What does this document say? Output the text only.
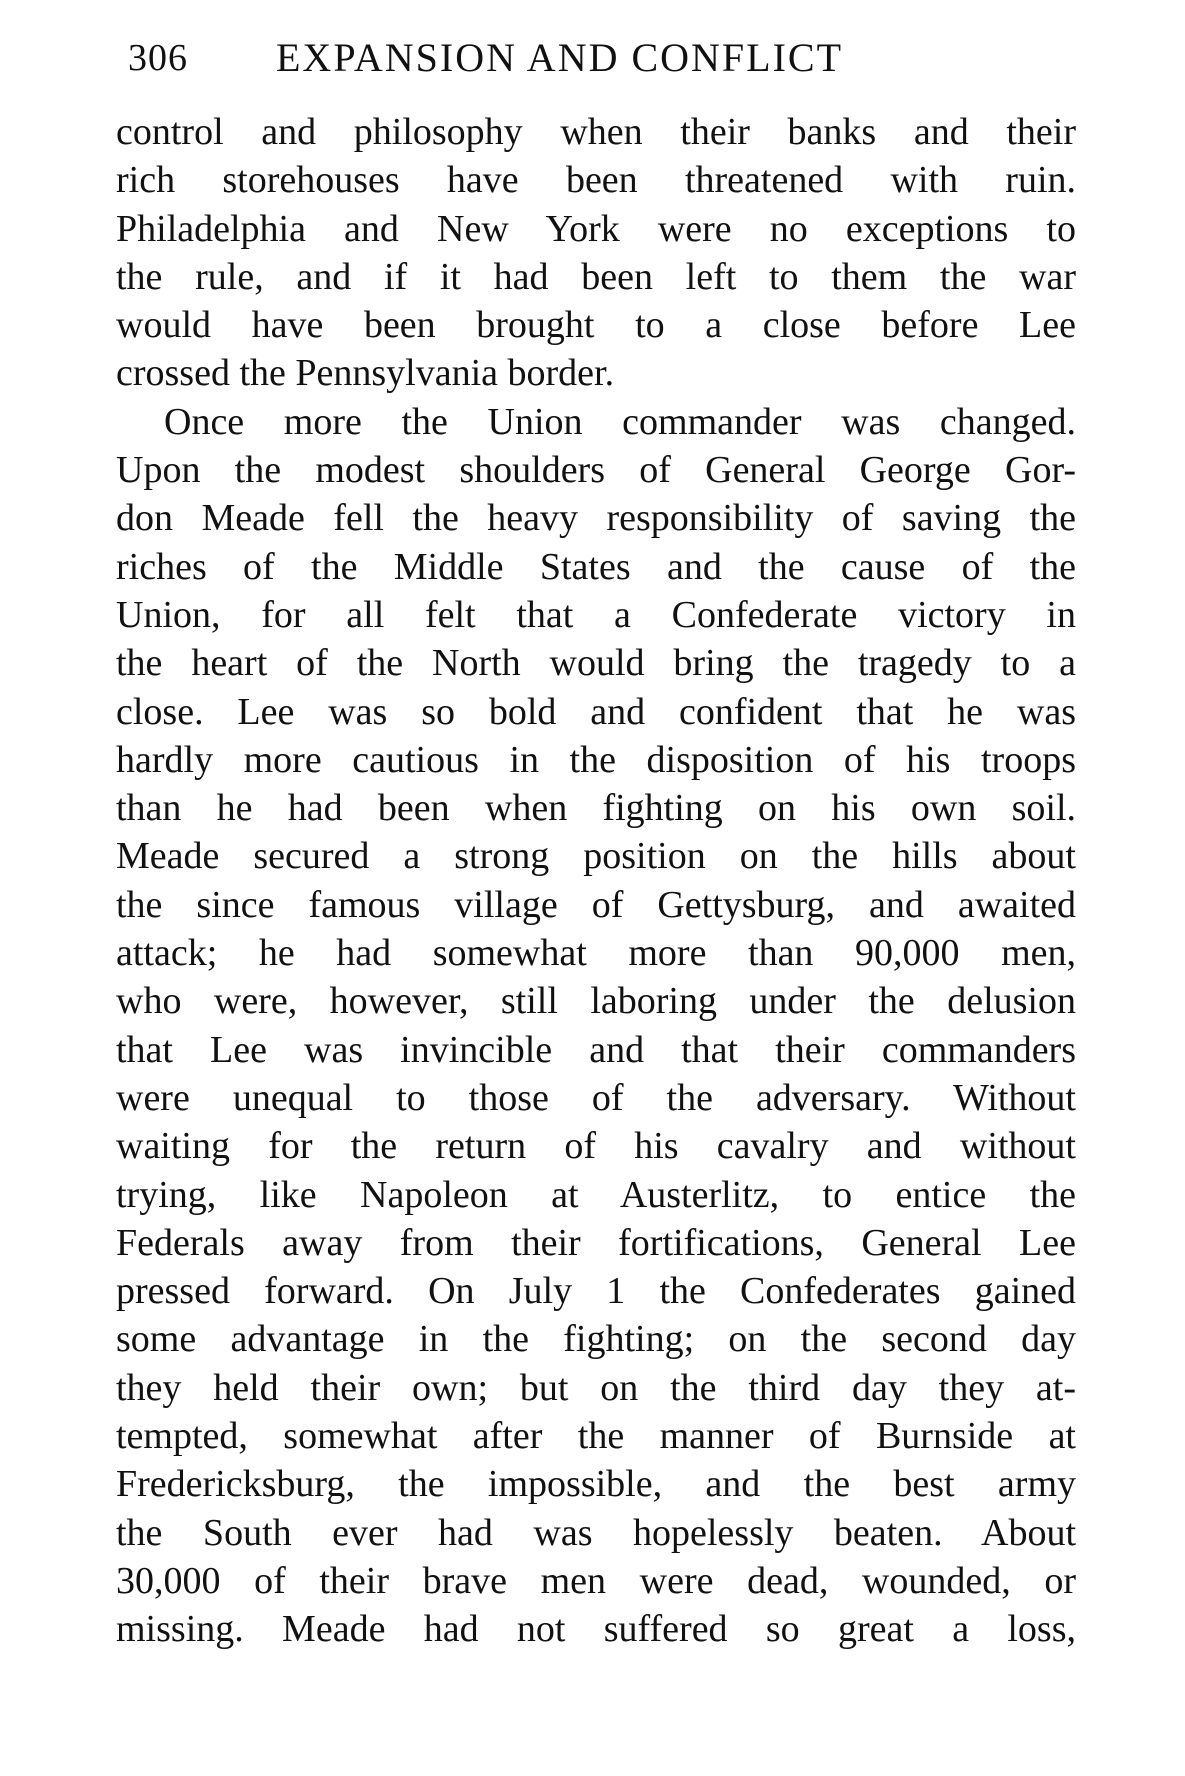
306 EXPANSION AND CONFLICT
control and philosophy when their banks and their
rich storehouses have been threatened with ruin.
Philadelphia and New York were no exceptions to
the rule, and if it had been left to them the war
would have been brought to a close before Lee
crossed the Pennsylvania border.
Once more the Union commander was changed.
Upon the modest shoulders of General George Gor-
don Meade fell the heavy responsibility of saving the
riches of the Middle States and the cause of the
Union, for all felt that a Confederate victory in
the heart of the North would bring the tragedy to a
close. Lee was so bold and confident that he was
hardly more cautious in the disposition of his troops
than he had been when fighting on his own soil.
Meade secured a strong position on the hills about
the since famous village of Gettysburg, and awaited
attack; he had somewhat more than 90,000 men,
who were, however, still laboring under the delusion
that Lee was invincible and that their commanders
were unequal to those of the adversary. Without
waiting for the return of his cavalry and without
trying, like Napoleon at Austerlitz, to entice the
Federals away from their fortifications, General Lee
pressed forward. On July 1 the Confederates gained
some advantage in the fighting; on the second day
they held their own; but on the third day they at-
tempted, somewhat after the manner of Burnside at
Fredericksburg, the impossible, and the best army
the South ever had was hopelessly beaten. About
30,000 of their brave men were dead, wounded, or
missing. Meade had not suffered so great a loss,
